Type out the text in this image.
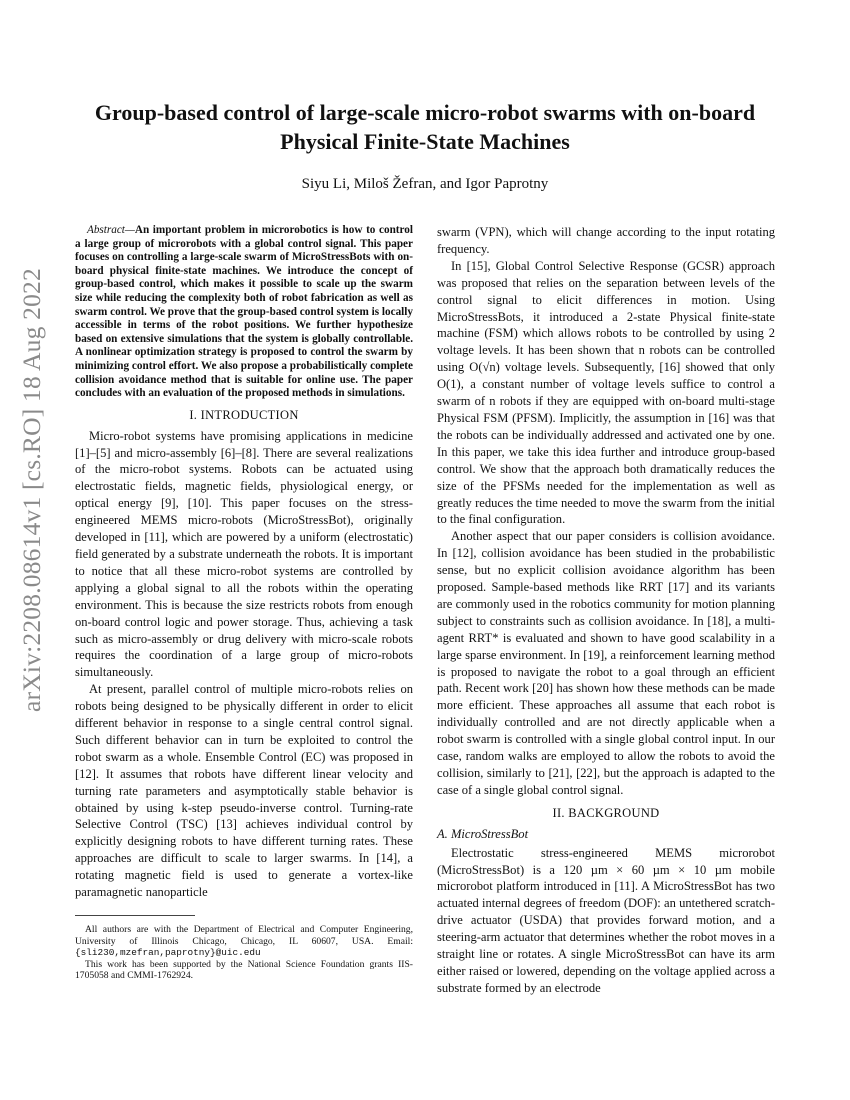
arXiv:2208.08614v1 [cs.RO] 18 Aug 2022
Group-based control of large-scale micro-robot swarms with on-board
Physical Finite-State Machines
Siyu Li, Miloš Žefran, and Igor Paprotny

Abstract—An important problem in microrobotics is how to control a large group of microrobots with a global control signal. This paper focuses on controlling a large-scale swarm of MicroStressBots with on-board physical finite-state machines. We introduce the concept of group-based control, which makes it possible to scale up the swarm size while reducing the complexity both of robot fabrication as well as swarm control. We prove that the group-based control system is locally accessible in terms of the robot positions. We further hypothesize based on extensive simulations that the system is globally controllable. A nonlinear optimization strategy is proposed to control the swarm by minimizing control effort. We also propose a probabilistically complete collision avoidance method that is suitable for online use. The paper concludes with an evaluation of the proposed methods in simulations.

I. INTRODUCTION

Micro-robot systems have promising applications in medicine [1]–[5] and micro-assembly [6]–[8]. There are several realizations of the micro-robot systems. Robots can be actuated using electrostatic fields, magnetic fields, physiological energy, or optical energy [9], [10]. This paper focuses on the stress-engineered MEMS micro-robots (MicroStressBot), originally developed in [11], which are powered by a uniform (electrostatic) field generated by a substrate underneath the robots. It is important to notice that all these micro-robot systems are controlled by applying a global signal to all the robots within the operating environment. This is because the size restricts robots from enough on-board control logic and power storage. Thus, achieving a task such as micro-assembly or drug delivery with micro-scale robots requires the coordination of a large group of micro-robots simultaneously.

At present, parallel control of multiple micro-robots relies on robots being designed to be physically different in order to elicit different behavior in response to a single central control signal. Such different behavior can in turn be exploited to control the robot swarm as a whole. Ensemble Control (EC) was proposed in [12]. It assumes that robots have different linear velocity and turning rate parameters and asymptotically stable behavior is obtained by using k-step pseudo-inverse control. Turning-rate Selective Control (TSC) [13] achieves individual control by explicitly designing robots to have different turning rates. These approaches are difficult to scale to larger swarms. In [14], a rotating magnetic field is used to generate a vortex-like paramagnetic nanoparticle

All authors are with the Department of Electrical and Computer Engineering, University of Illinois Chicago, Chicago, IL 60607, USA. Email: {sli230,mzefran,paprotny}@uic.edu

This work has been supported by the National Science Foundation grants IIS-1705058 and CMMI-1762924.

swarm (VPN), which will change according to the input rotating frequency.

In [15], Global Control Selective Response (GCSR) approach was proposed that relies on the separation between levels of the control signal to elicit differences in motion. Using MicroStressBots, it introduced a 2-state Physical finite-state machine (FSM) which allows robots to be controlled by using 2 voltage levels. It has been shown that n robots can be controlled using O(√n) voltage levels. Subsequently, [16] showed that only O(1), a constant number of voltage levels suffice to control a swarm of n robots if they are equipped with on-board multi-stage Physical FSM (PFSM). Implicitly, the assumption in [16] was that the robots can be individually addressed and activated one by one. In this paper, we take this idea further and introduce group-based control. We show that the approach both dramatically reduces the size of the PFSMs needed for the implementation as well as greatly reduces the time needed to move the swarm from the initial to the final configuration.

Another aspect that our paper considers is collision avoidance. In [12], collision avoidance has been studied in the probabilistic sense, but no explicit collision avoidance algorithm has been proposed. Sample-based methods like RRT [17] and its variants are commonly used in the robotics community for motion planning subject to constraints such as collision avoidance. In [18], a multi-agent RRT* is evaluated and shown to have good scalability in a large sparse environment. In [19], a reinforcement learning method is proposed to navigate the robot to a goal through an efficient path. Recent work [20] has shown how these methods can be made more efficient. These approaches all assume that each robot is individually controlled and are not directly applicable when a robot swarm is controlled with a single global control input. In our case, random walks are employed to allow the robots to avoid the collision, similarly to [21], [22], but the approach is adapted to the case of a single global control signal.

II. BACKGROUND
A. MicroStressBot

Electrostatic stress-engineered MEMS microrobot (MicroStressBot) is a 120 µm × 60 µm × 10 µm mobile microrobot platform introduced in [11]. A MicroStressBot has two actuated internal degrees of freedom (DOF): an untethered scratch-drive actuator (USDA) that provides forward motion, and a steering-arm actuator that determines whether the robot moves in a straight line or rotates. A single MicroStressBot can have its arm either raised or lowered, depending on the voltage applied across a substrate formed by an electrode
